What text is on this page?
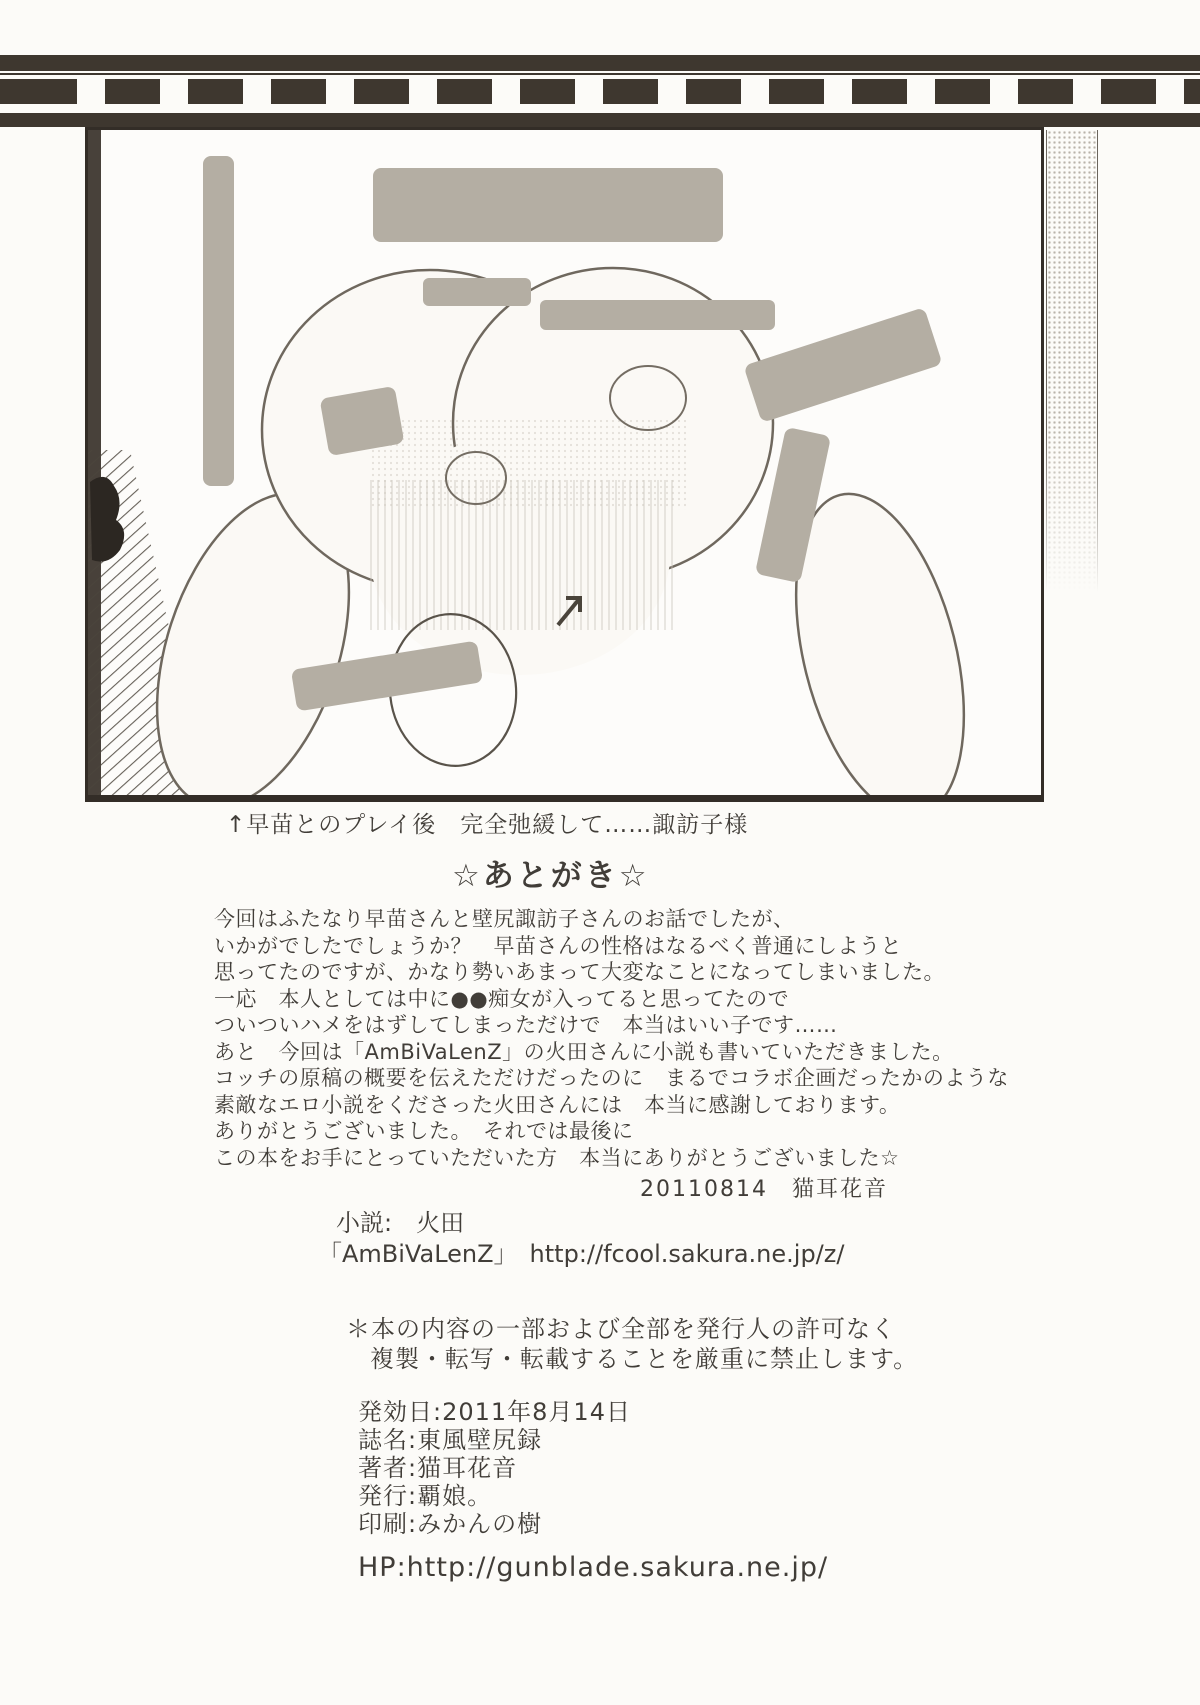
↑早苗とのプレイ後　完全弛緩して……諏訪子様
☆あとがき☆
今回はふたなり早苗さんと壁尻諏訪子さんのお話でしたが、
いかがでしたでしょうか？　早苗さんの性格はなるべく普通にしようと
思ってたのですが、かなり勢いあまって大変なことになってしまいました。
一応　本人としては中に●●痴女が入ってると思ってたので
ついついハメをはずしてしまっただけで　本当はいい子です……
あと　今回は「AmBiVaLenZ」の火田さんに小説も書いていただきました。
コッチの原稿の概要を伝えただけだったのに　まるでコラボ企画だったかのような
素敵なエロ小説をくださった火田さんには　本当に感謝しております。
ありがとうございました。　それでは最後に
この本をお手にとっていただいた方　本当にありがとうございました☆
20110814　猫耳花音
小説:　火田
「AmBiVaLenZ」　http://fcool.sakura.ne.jp/z/
＊本の内容の一部および全部を発行人の許可なく
複製・転写・転載することを厳重に禁止します。
発効日:2011年8月14日
誌名:東風壁尻録
著者:猫耳花音
発行:覇娘。
印刷:みかんの樹
HP:http://gunblade.sakura.ne.jp/
